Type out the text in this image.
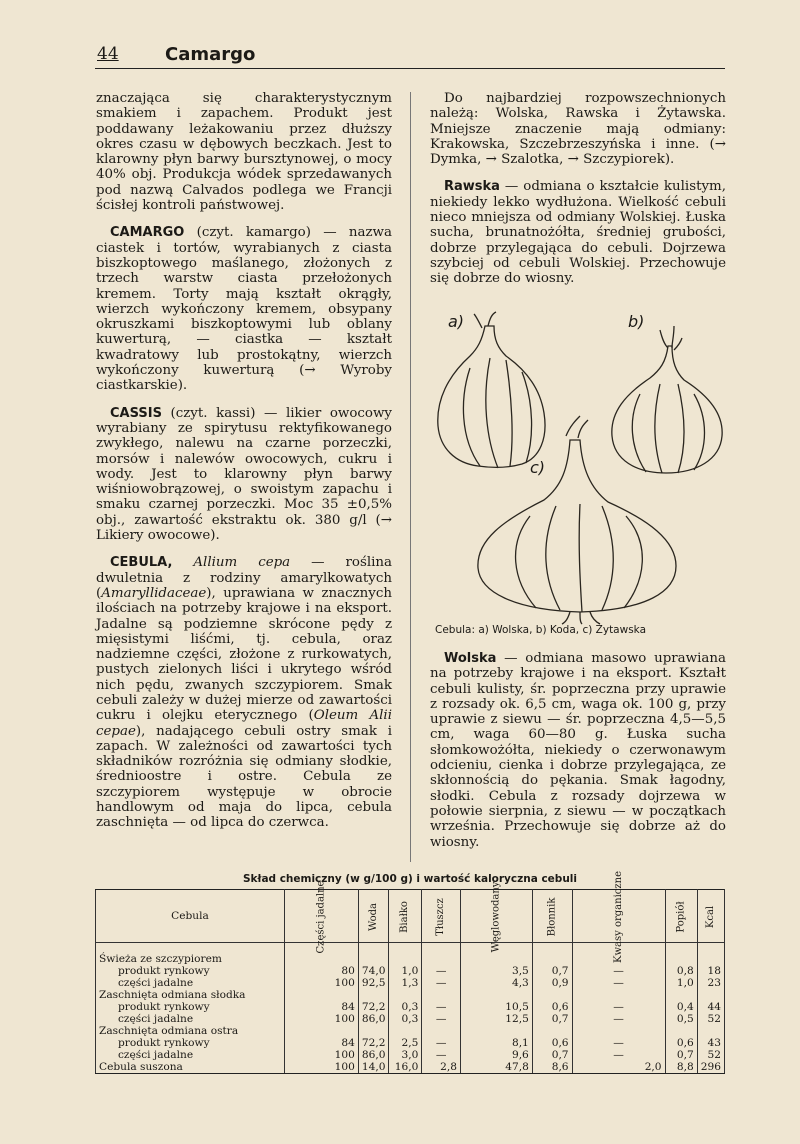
44	Camargo

znaczająca się charakterystycznym smakiem i zapachem. Produkt jest poddawany leżakowaniu przez dłuższy okres czasu w dębowych beczkach. Jest to klarowny płyn barwy bursztynowej, o mocy 40% obj. Produkcja wódek sprzedawanych pod nazwą Calvados podlega we Francji ścisłej kontroli państwowej.

CAMARGO (czyt. kamargo) — nazwa ciastek i tortów, wyrabianych z ciasta biszkoptowego maślanego, złożonych z trzech warstw ciasta przełożonych kremem. Torty mają kształt okrągły, wierzch wykończony kremem, obsypany okruszkami biszkoptowymi lub oblany kuwerturą, — ciastka — kształt kwadratowy lub prostokątny, wierzch wykończony kuwerturą (→ Wyroby ciastkarskie).

CASSIS (czyt. kassi) — likier owocowy wyrabiany ze spirytusu rektyfikowanego zwykłego, nalewu na czarne porzeczki, morsów i nalewów owocowych, cukru i wody. Jest to klarowny płyn barwy wiśniowobrązowej, o swoistym zapachu i smaku czarnej porzeczki. Moc 35 ±0,5% obj., zawartość ekstraktu ok. 380 g/l (→ Likiery owocowe).

CEBULA, Allium cepa — roślina dwuletnia z rodziny amarylkowatych (Amaryllidaceae), uprawiana w znacznych ilościach na potrzeby krajowe i na eksport. Jadalne są podziemne skrócone pędy z mięsistymi liśćmi, tj. cebula, oraz nadziemne części, złożone z rurkowatych, pustych zielonych liści i ukrytego wśród nich pędu, zwanych szczypiorem. Smak cebuli zależy w dużej mierze od zawartości cukru i olejku eterycznego (Oleum Alii cepae), nadającego cebuli ostry smak i zapach. W zależności od zawartości tych składników rozróżnia się odmiany słodkie, średnioostre i ostre. Cebula ze szczypiorem występuje w obrocie handlowym od maja do lipca, cebula zaschnięta — od lipca do czerwca.

Do najbardziej rozpowszechnionych należą: Wolska, Rawska i Żytawska. Mniejsze znaczenie mają odmiany: Krakowska, Szczebrzeszyńska i inne. (→ Dymka, → Szalotka, → Szczypiorek).

Rawska — odmiana o kształcie kulistym, niekiedy lekko wydłużona. Wielkość cebuli nieco mniejsza od odmiany Wolskiej. Łuska sucha, brunatnożółta, średniej grubości, dobrze przylegająca do cebuli. Dojrzewa szybciej od cebuli Wolskiej. Przechowuje się dobrze do wiosny.

a)	b)
c)
Cebula: a) Wolska, b) Koda, c) Żytawska

Wolska — odmiana masowo uprawiana na potrzeby krajowe i na eksport. Kształt cebuli kulisty, śr. poprzeczna przy uprawie z rozsady ok. 6,5 cm, waga ok. 100 g, przy uprawie z siewu — śr. poprzeczna 4,5—5,5 cm, waga 60—80 g. Łuska sucha słomkowożółta, niekiedy o czerwonawym odcieniu, cienka i dobrze przylegająca, ze skłonnością do pękania. Smak łagodny, słodki. Cebula z rozsady dojrzewa w połowie sierpnia, z siewu — w początkach września. Przechowuje się dobrze aż do wiosny.

Skład chemiczny (w g/100 g) i wartość kaloryczna cebuli
Cebula	Części jadalne	Woda	Białko	Tłuszcz	Węglowodany	Błonnik	Kwasy organiczne	Popiół	Kcal

Świeża ze szczypiorem									
produkt rynkowy	80	74,0	1,0	—	3,5	0,7	—	0,8	18
części jadalne	100	92,5	1,3	—	4,3	0,9	—	1,0	23
Zaschnięta odmiana słodka									
produkt rynkowy	84	72,2	0,3	—	10,5	0,6	—	0,4	44
części jadalne	100	86,0	0,3	—	12,5	0,7	—	0,5	52
Zaschnięta odmiana ostra									
produkt rynkowy	84	72,2	2,5	—	8,1	0,6	—	0,6	43
części jadalne	100	86,0	3,0	—	9,6	0,7	—	0,7	52
Cebula suszona	100	14,0	16,0	2,8	47,8	8,6	2,0	8,8	296
